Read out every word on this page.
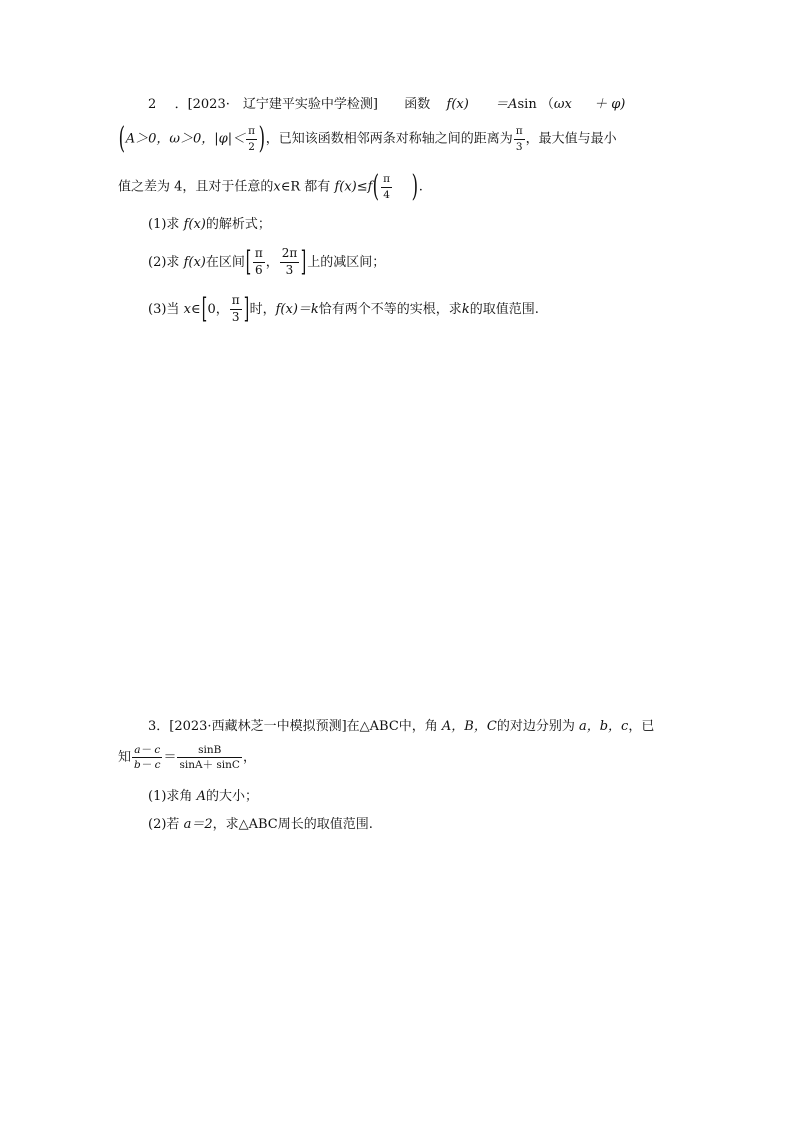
2 ．[2023·　辽宁建平实验中学检测] 函数 f(x) ＝Asin （ωx ＋ φ)
(A＞0，ω＞0，$|\varphi|< \frac{\pi}{2}$ )，已知该函数相邻两条对称轴之间的距离为 $\frac{\pi}{3}$ ，最大值与最小
值之差为 4，且对于任意的x∈R 都有 $f(x)\le f( \frac{\pi}{4}$ ).
(1)求 f(x)的解析式；
(2)求 f(x)在区间[ $\frac{\pi}{6}$ ， $\frac{2\pi}{3}$ ]上的减区间；
(3)当 x∈[0， $\frac{\pi}{3}$ ]时，f(x)＝k恰有两个不等的实根，求k的取值范围.
3．[2023·西藏林芝一中模拟预测]在△ABC中，角 A，B，C的对边分别为 a，b，c，已
知 $\frac{a- c}{b- c} = \frac{\sin B}{\sin A+ \sin C}$ ，
(1)求角 A的大小；
(2)若 a＝2，求△ABC周长的取值范围.
